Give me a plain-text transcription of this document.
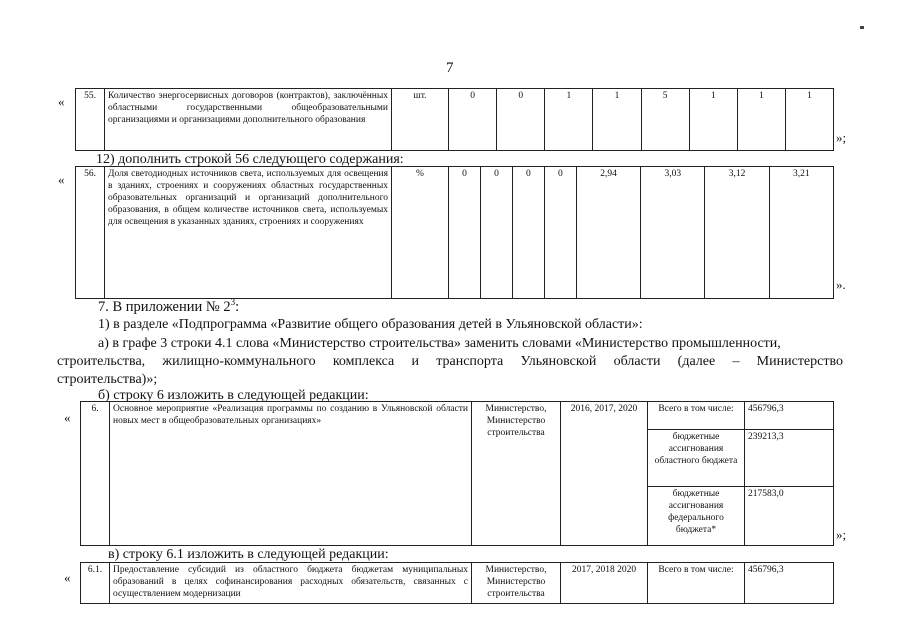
7
« 55.	Количество энергосервисных договоров (контрактов), заключённых областными государственными общеобразовательными организациями и организациями дополнительного образования	шт.	0	0	1	1	5	1	1	1
»;
12) дополнить строкой 56 следующего содержания:
« 56.	Доля светодиодных источников света, используемых для освещения в зданиях, строениях и сооружениях областных государственных образовательных организаций и организаций дополнительного образования, в общем количестве источников света, используемых для освещения в указанных зданиях, строениях и сооружениях	%	0	0	0	0	2,94	3,03	3,12	3,21
».
7. В приложении № $2^3$:
1) в разделе «Подпрограмма «Развитие общего образования детей в Ульяновской области»:
а) в графе 3 строки 4.1 слова «Министерство строительства» заменить словами «Министерство промышленности,
строительства, жилищно-коммунального комплекса и транспорта Ульяновской области (далее – Министерство
строительства)»;
б) строку 6 изложить в следующей редакции:
«
6.	Основное мероприятие «Реализация программы по созданию в Ульяновской области новых мест в общеобразовательных организациях»	Министерство, Министерство строительства	2016, 2017, 2020	Всего в том числе:	456796,3
				бюджетные ассигнования областного бюджета	239213,3
				бюджетные ассигнования федерального бюджета*	217583,0
»;
в) строку 6.1 изложить в следующей редакции:
« 6.1.	Предоставление субсидий из областного бюджета бюджетам муниципальных образований в целях софинансирования расходных обязательств, связанных с осуществлением модернизации	Министерство, Министерство строительства	2017, 2018 2020	Всего в том числе:	456796,3
